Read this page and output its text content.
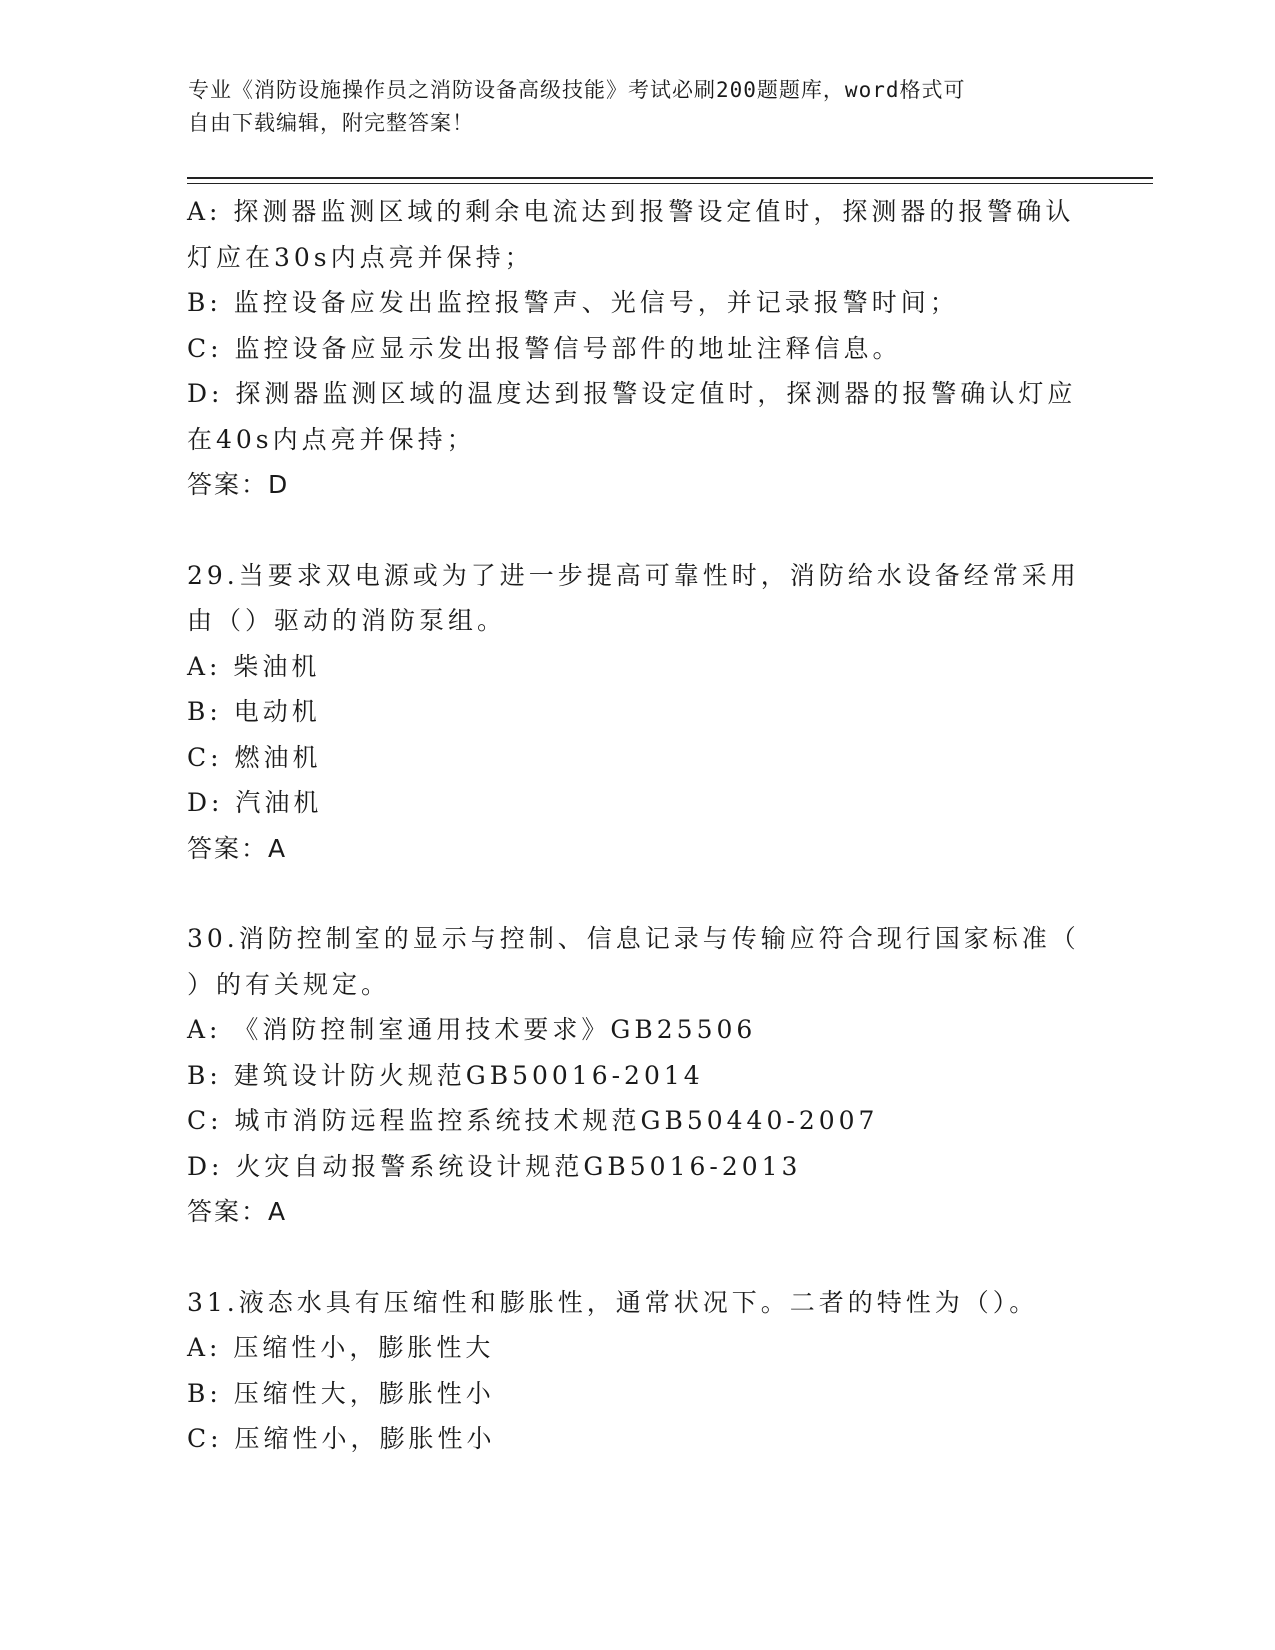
专业《消防设施操作员之消防设备高级技能》考试必刷200题题库，word格式可
自由下载编辑，附完整答案！
A: 探测器监测区域的剩余电流达到报警设定值时，探测器的报警确认
灯应在30s内点亮并保持；
B: 监控设备应发出监控报警声、光信号，并记录报警时间；
C: 监控设备应显示发出报警信号部件的地址注释信息。
D: 探测器监测区域的温度达到报警设定值时，探测器的报警确认灯应
在40s内点亮并保持；
答案：D
29.当要求双电源或为了进一步提高可靠性时，消防给水设备经常采用
由（）驱动的消防泵组。
A: 柴油机
B: 电动机
C: 燃油机
D: 汽油机
答案：A
30.消防控制室的显示与控制、信息记录与传输应符合现行国家标准（
）的有关规定。
A: 《消防控制室通用技术要求》GB25506
B: 建筑设计防火规范GB50016-2014
C: 城市消防远程监控系统技术规范GB50440-2007
D: 火灾自动报警系统设计规范GB5016-2013
答案：A
31.液态水具有压缩性和膨胀性，通常状况下。二者的特性为（）。
A: 压缩性小，膨胀性大
B: 压缩性大，膨胀性小
C: 压缩性小，膨胀性小
